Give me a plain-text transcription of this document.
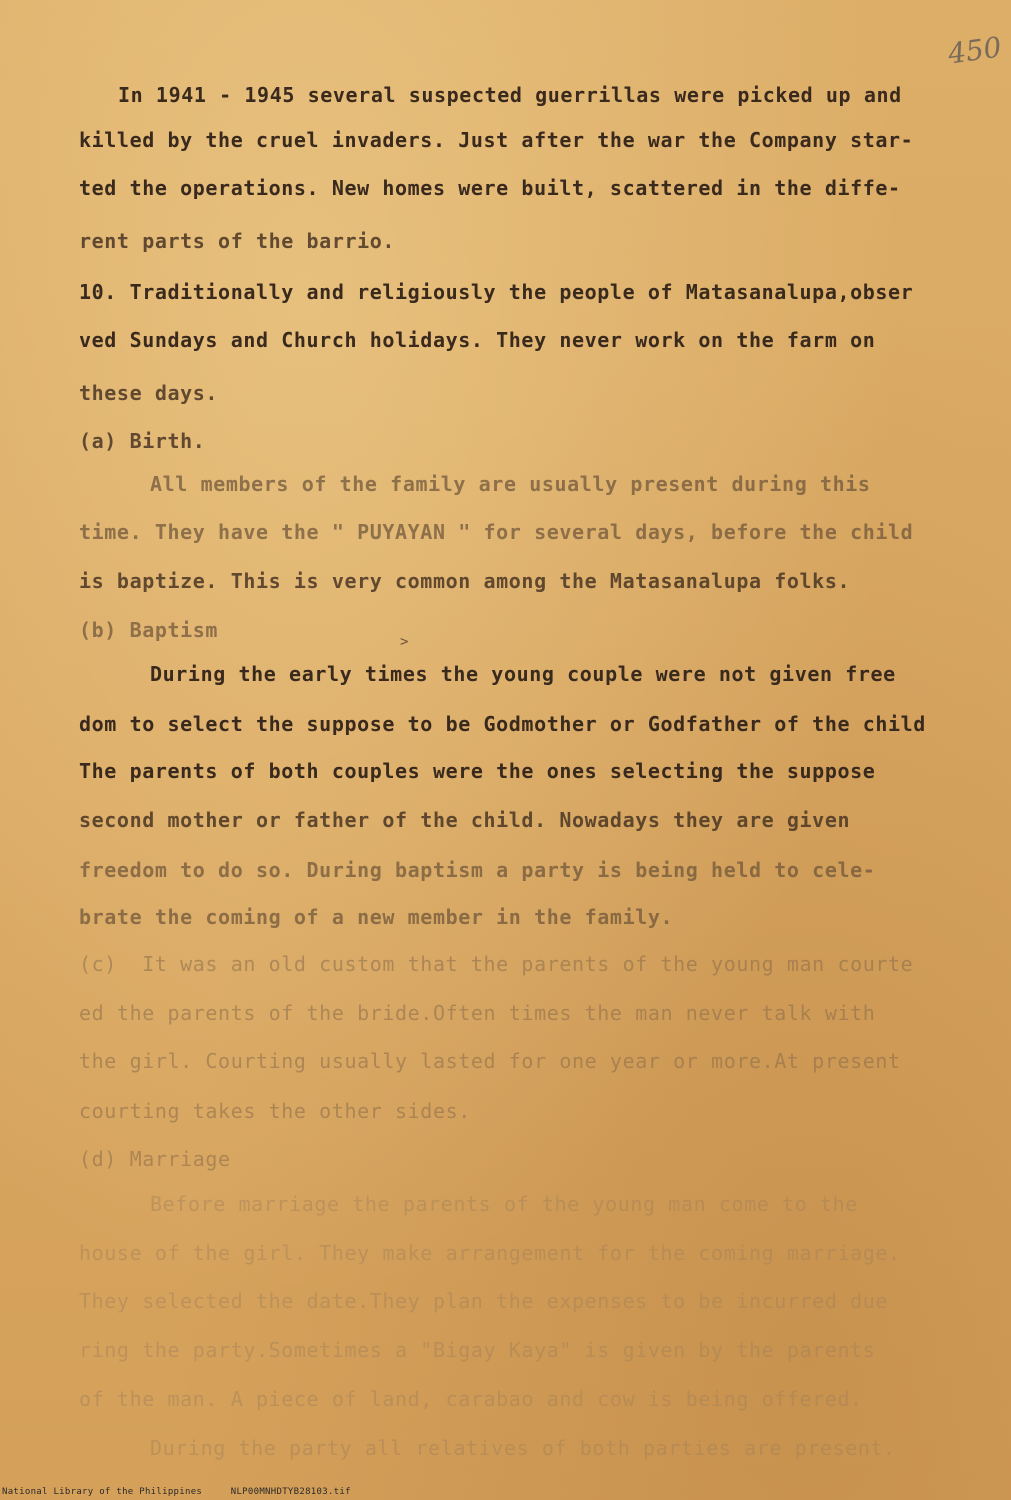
450
In 1941 - 1945 several suspected guerrillas were picked up and
killed by the cruel invaders. Just after the war the Company star-
ted the operations. New homes were built, scattered in the diffe-
rent parts of the barrio.
10. Traditionally and religiously the people of Matasanalupa,obser
ved Sundays and Church holidays. They never work on the farm on
these days.
(a) Birth.
All members of the family are usually present during this
time. They have the " PUYAYAN " for several days, before the child
is baptize. This is very common among the Matasanalupa folks.
(b) Baptism	>
During the early times the young couple were not given free
dom to select the suppose to be Godmother or Godfather of the child
The parents of both couples were the ones selecting the suppose
second mother or father of the child. Nowadays they are given
freedom to do so. During baptism a party is being held to cele-
brate the coming of a new member in the family.
(c)  It was an old custom that the parents of the young man courte
ed the parents of the bride.Often times the man never talk with
the girl. Courting usually lasted for one year or more.At present
courting takes the other sides.
(d) Marriage
Before marriage the parents of the young man come to the
house of the girl. They make arrangement for the coming marriage.
They selected the date.They plan the expenses to be incurred due
ring the party.Sometimes a "Bigay Kaya" is given by the parents
of the man. A piece of land, carabao and cow is being offered.
During the party all relatives of both parties are present.
National Library of the Philippines     NLP00MNHDTYB28103.tif
